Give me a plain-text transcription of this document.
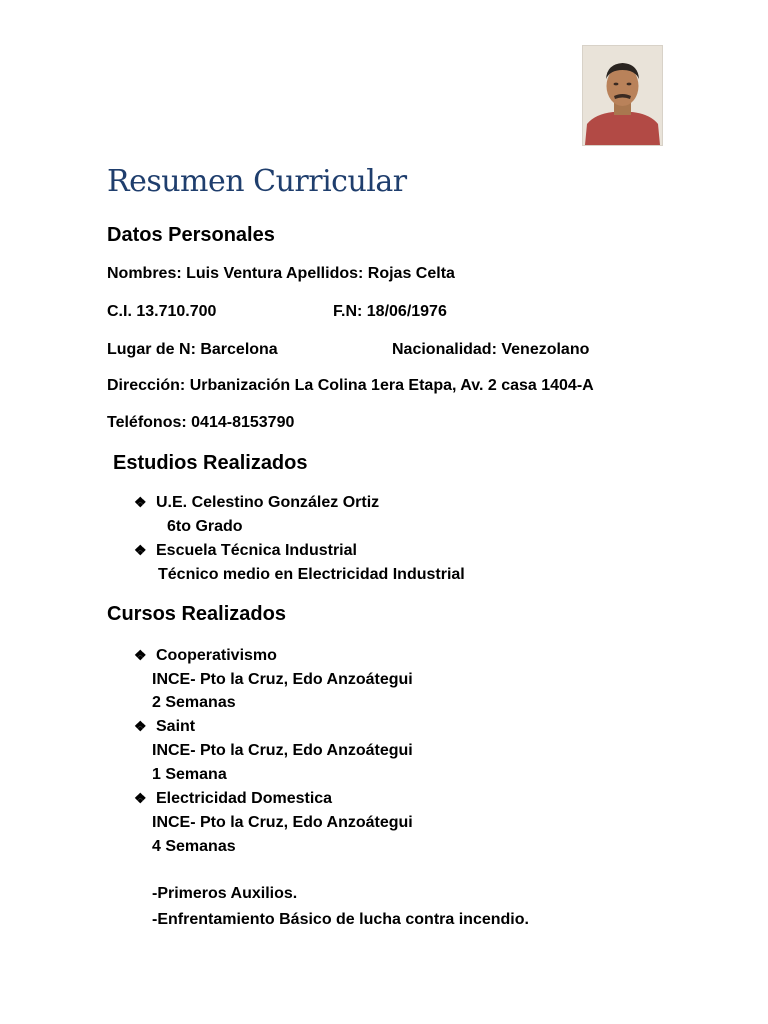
Resumen Curricular
Datos Personales
Nombres: Luis Ventura Apellidos: Rojas Celta
C.I. 13.710.700	F.N: 18/06/1976
Lugar de N: Barcelona	Nacionalidad: Venezolano
Dirección: Urbanización La Colina 1era Etapa, Av. 2 casa 1404-A
Teléfonos: 0414-8153790
Estudios Realizados
❖ U.E. Celestino González Ortiz
6to Grado
❖ Escuela Técnica Industrial
Técnico medio en Electricidad Industrial
Cursos Realizados
❖ Cooperativismo
INCE- Pto la Cruz, Edo Anzoátegui
2 Semanas
❖ Saint
INCE- Pto la Cruz, Edo Anzoátegui
1 Semana
❖ Electricidad Domestica
INCE- Pto la Cruz, Edo Anzoátegui
4 Semanas
-Primeros Auxilios.
-Enfrentamiento Básico de lucha contra incendio.
